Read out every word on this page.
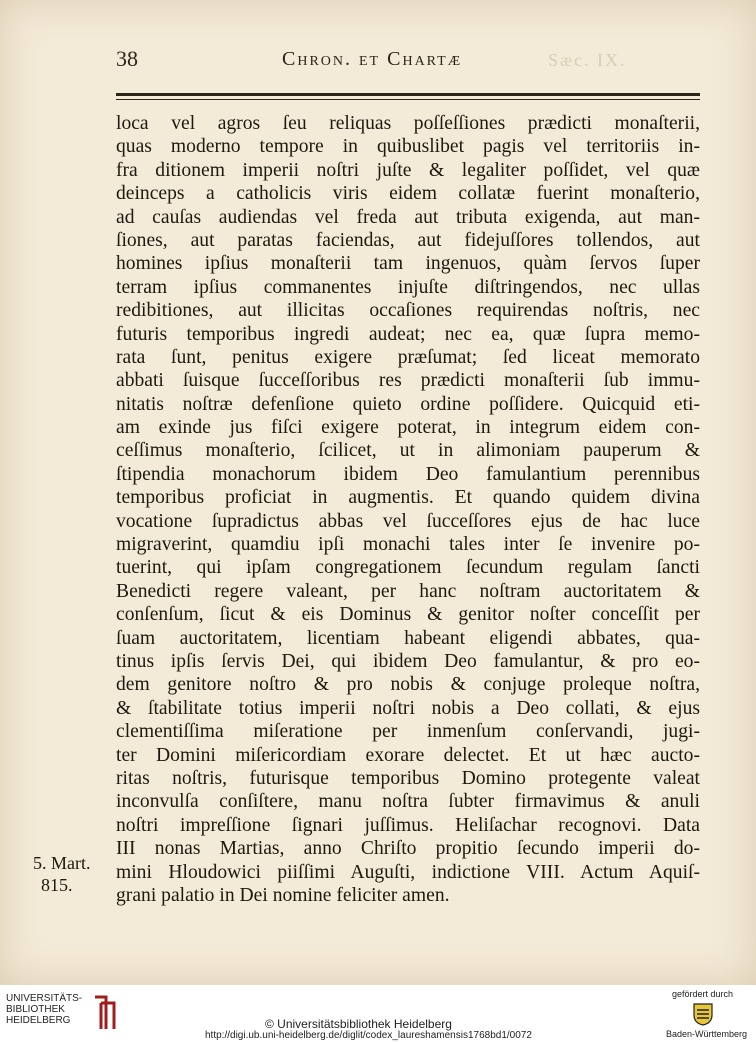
38	Chron. et Chartæ	Sæc. IX.
loca vel agros ſeu reliquas poſſeſſiones prædicti monaſterii,
quas moderno tempore in quibuslibet pagis vel territoriis in-
fra ditionem imperii noſtri juſte & legaliter poſſidet, vel quæ
deinceps a catholicis viris eidem collatæ fuerint monaſterio,
ad cauſas audiendas vel freda aut tributa exigenda, aut man-
ſiones, aut paratas faciendas, aut fidejuſſores tollendos, aut
homines ipſius monaſterii tam ingenuos, quàm ſervos ſuper
terram ipſius commanentes injuſte diſtringendos, nec ullas
redibitiones, aut illicitas occaſiones requirendas noſtris, nec
futuris temporibus ingredi audeat; nec ea, quæ ſupra memo-
rata ſunt, penitus exigere præſumat; ſed liceat memorato
abbati ſuisque ſucceſſoribus res prædicti monaſterii ſub immu-
nitatis noſtræ defenſione quieto ordine poſſidere. Quicquid eti-
am exinde jus fiſci exigere poterat, in integrum eidem con-
ceſſimus monaſterio, ſcilicet, ut in alimoniam pauperum &
ſtipendia monachorum ibidem Deo famulantium perennibus
temporibus proficiat in augmentis. Et quando quidem divina
vocatione ſupradictus abbas vel ſucceſſores ejus de hac luce
migraverint, quamdiu ipſi monachi tales inter ſe invenire po-
tuerint, qui ipſam congregationem ſecundum regulam ſancti
Benedicti regere valeant, per hanc noſtram auctoritatem &
conſenſum, ſicut & eis Dominus & genitor noſter conceſſit per
ſuam auctoritatem, licentiam habeant eligendi abbates, qua-
tinus ipſis ſervis Dei, qui ibidem Deo famulantur, & pro eo-
dem genitore noſtro & pro nobis & conjuge proleque noſtra,
& ſtabilitate totius imperii noſtri nobis a Deo collati, & ejus
clementiſſima miſeratione per inmenſum conſervandi, jugi-
ter Domini miſericordiam exorare delectet. Et ut hæc aucto-
ritas noſtris, futurisque temporibus Domino protegente valeat
inconvulſa conſiſtere, manu noſtra ſubter firmavimus & anuli
noſtri impreſſione ſignari juſſimus. Heliſachar recognovi. Data
III nonas Martias, anno Chriſto propitio ſecundo imperii do-
mini Hloudowici piiſſimi Auguſti, indictione VIII. Actum Aquiſ-
grani palatio in Dei nomine feliciter amen.
5. Mart.
815.
UNIVERSITÄTS-
BIBLIOTHEK
HEIDELBERG	© Universitätsbibliothek Heidelberg
http://digi.ub.uni-heidelberg.de/diglit/codex_laureshamensis1768bd1/0072
gefördert durch
Baden-Württemberg
